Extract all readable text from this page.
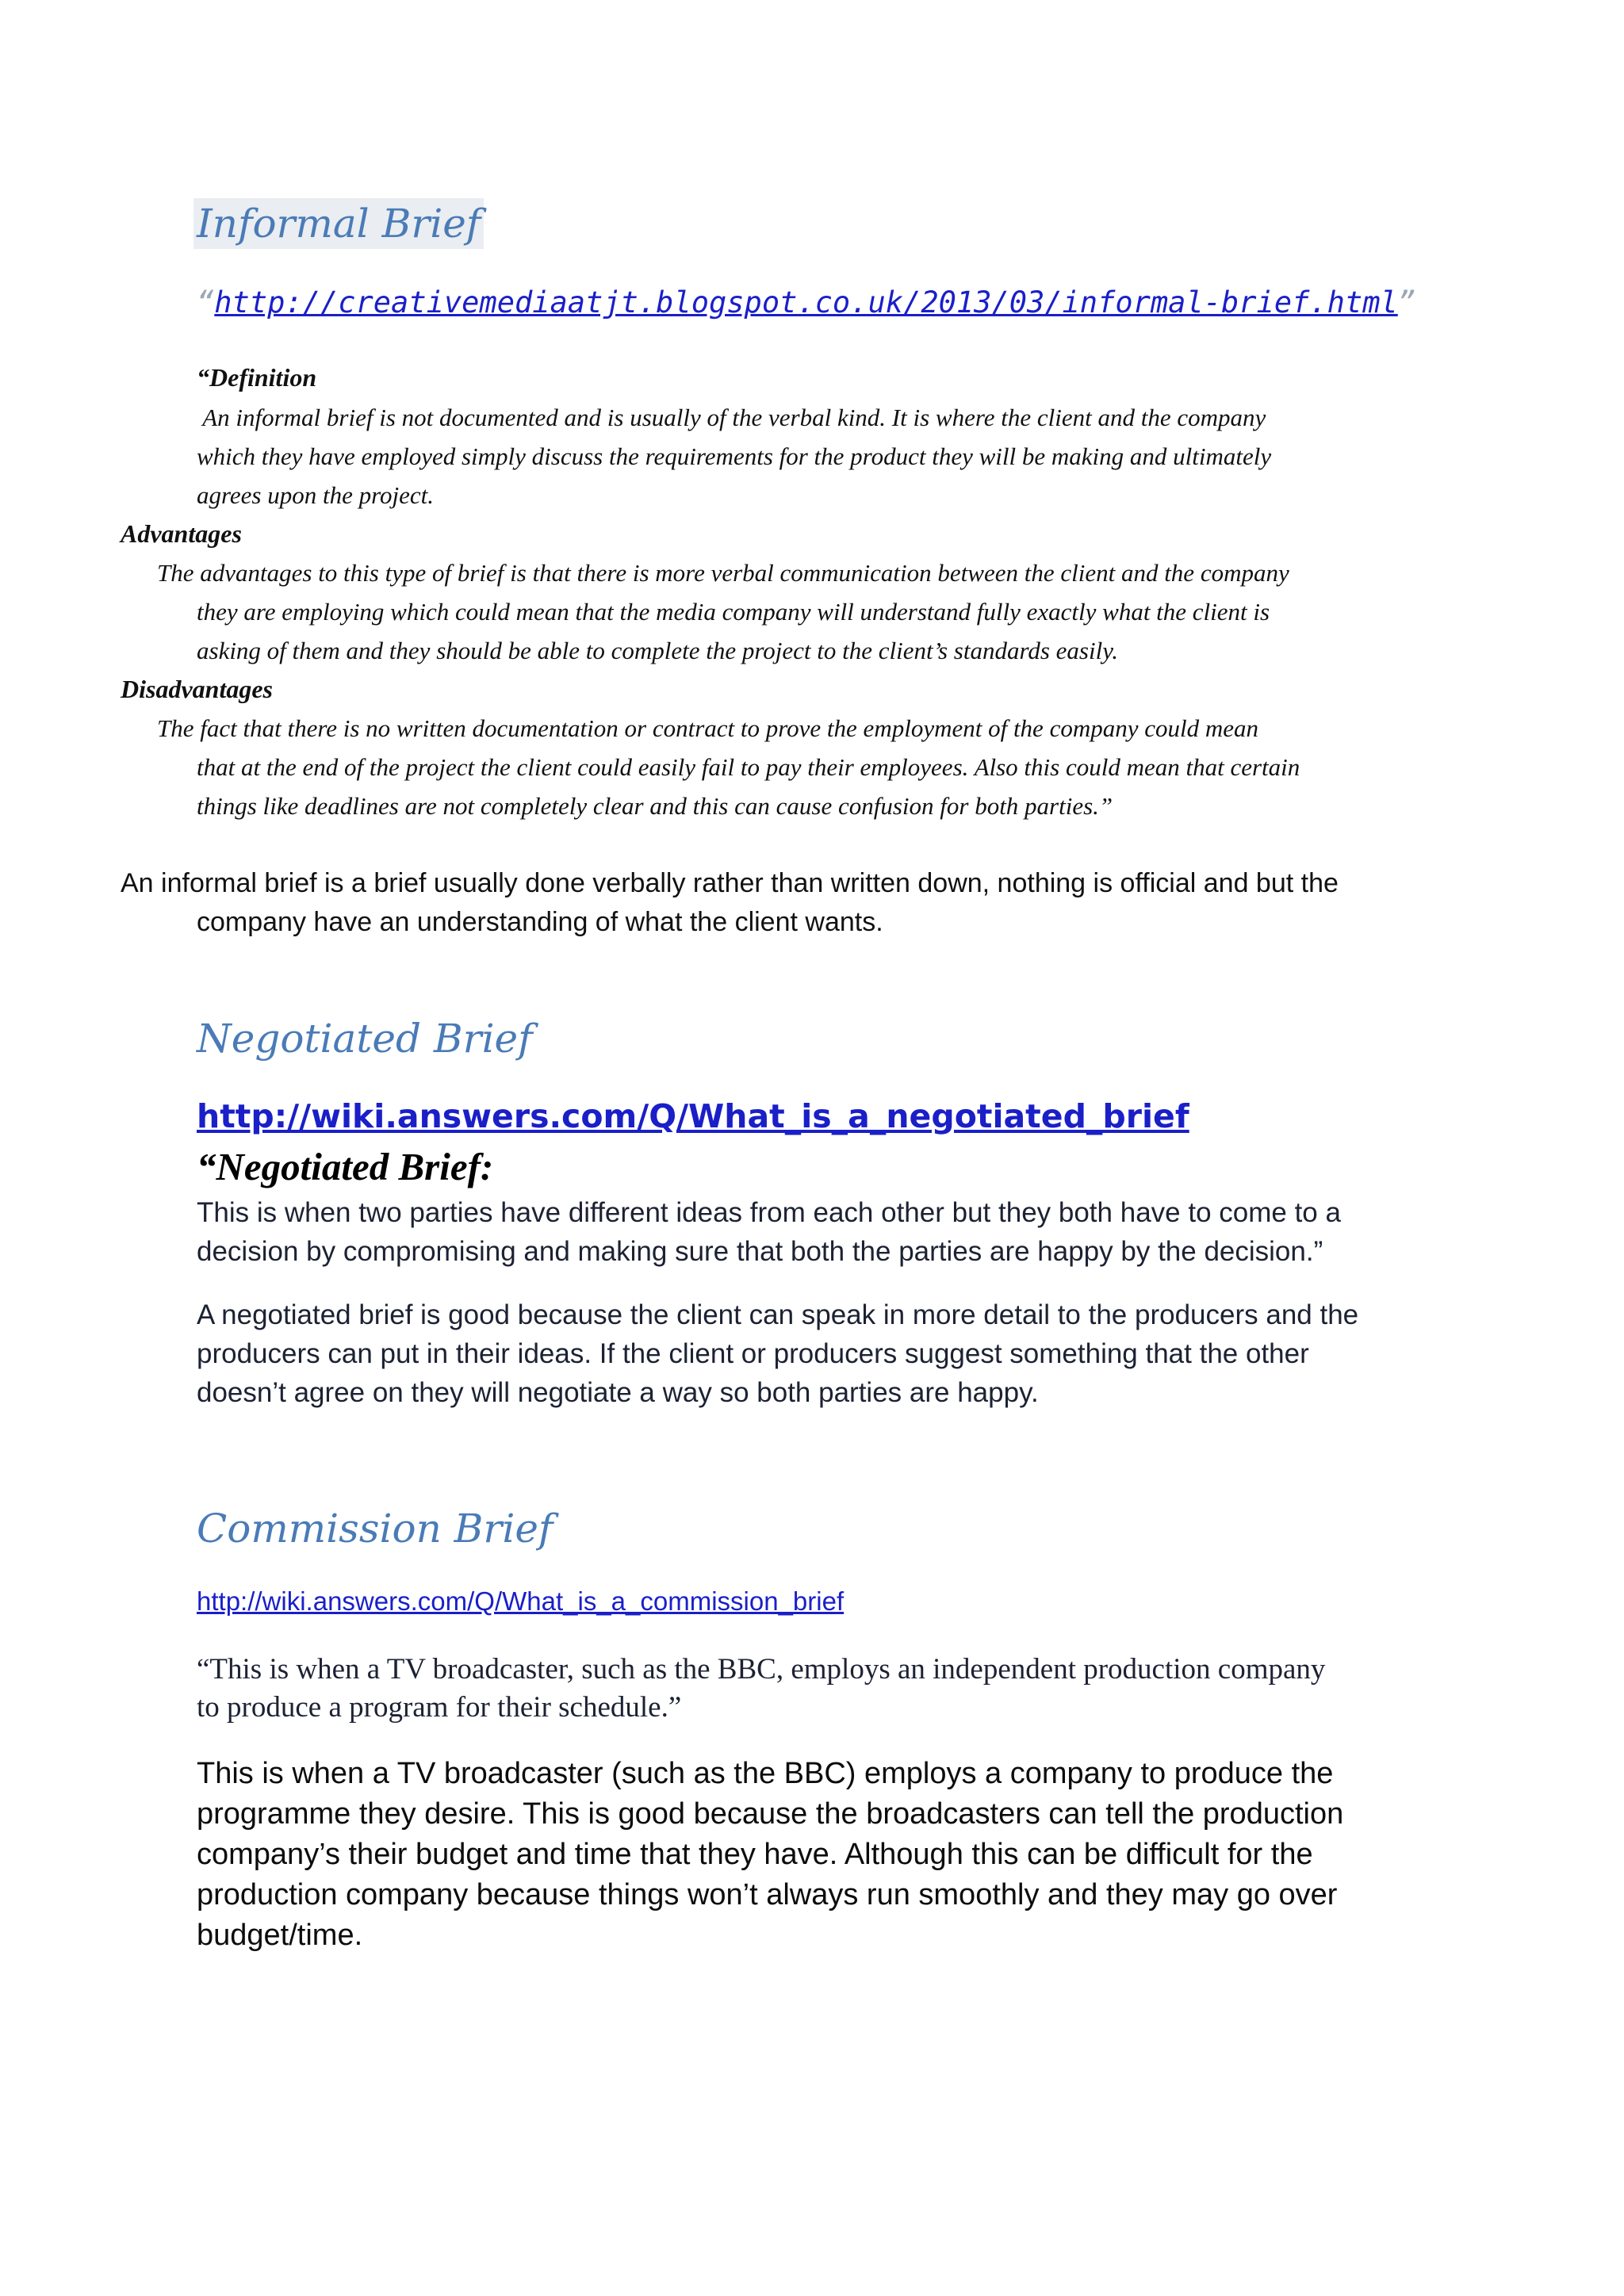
Informal Brief
“http://creativemediaatjt.blogspot.co.uk/2013/03/informal-brief.html”
“Definition
An informal brief is not documented and is usually of the verbal kind. It is where the client and the company
which they have employed simply discuss the requirements for the product they will be making and ultimately
agrees upon the project.
Advantages
The advantages to this type of brief is that there is more verbal communication between the client and the company
they are employing which could mean that the media company will understand fully exactly what the client is
asking of them and they should be able to complete the project to the client’s standards easily.
Disadvantages
The fact that there is no written documentation or contract to prove the employment of the company could mean
that at the end of the project the client could easily fail to pay their employees. Also this could mean that certain
things like deadlines are not completely clear and this can cause confusion for both parties.”
An informal brief is a brief usually done verbally rather than written down, nothing is official and but the
company have an understanding of what the client wants.
Negotiated Brief
http://wiki.answers.com/Q/What_is_a_negotiated_brief
“Negotiated Brief:
This is when two parties have different ideas from each other but they both have to come to a
decision by compromising and making sure that both the parties are happy by the decision.”
A negotiated brief is good because the client can speak in more detail to the producers and the
producers can put in their ideas. If the client or producers suggest something that the other
doesn’t agree on they will negotiate a way so both parties are happy.
Commission Brief
http://wiki.answers.com/Q/What_is_a_commission_brief
“This is when a TV broadcaster, such as the BBC, employs an independent production company
to produce a program for their schedule.”
This is when a TV broadcaster (such as the BBC) employs a company to produce the
programme they desire. This is good because the broadcasters can tell the production
company’s their budget and time that they have. Although this can be difficult for the
production company because things won’t always run smoothly and they may go over
budget/time.
